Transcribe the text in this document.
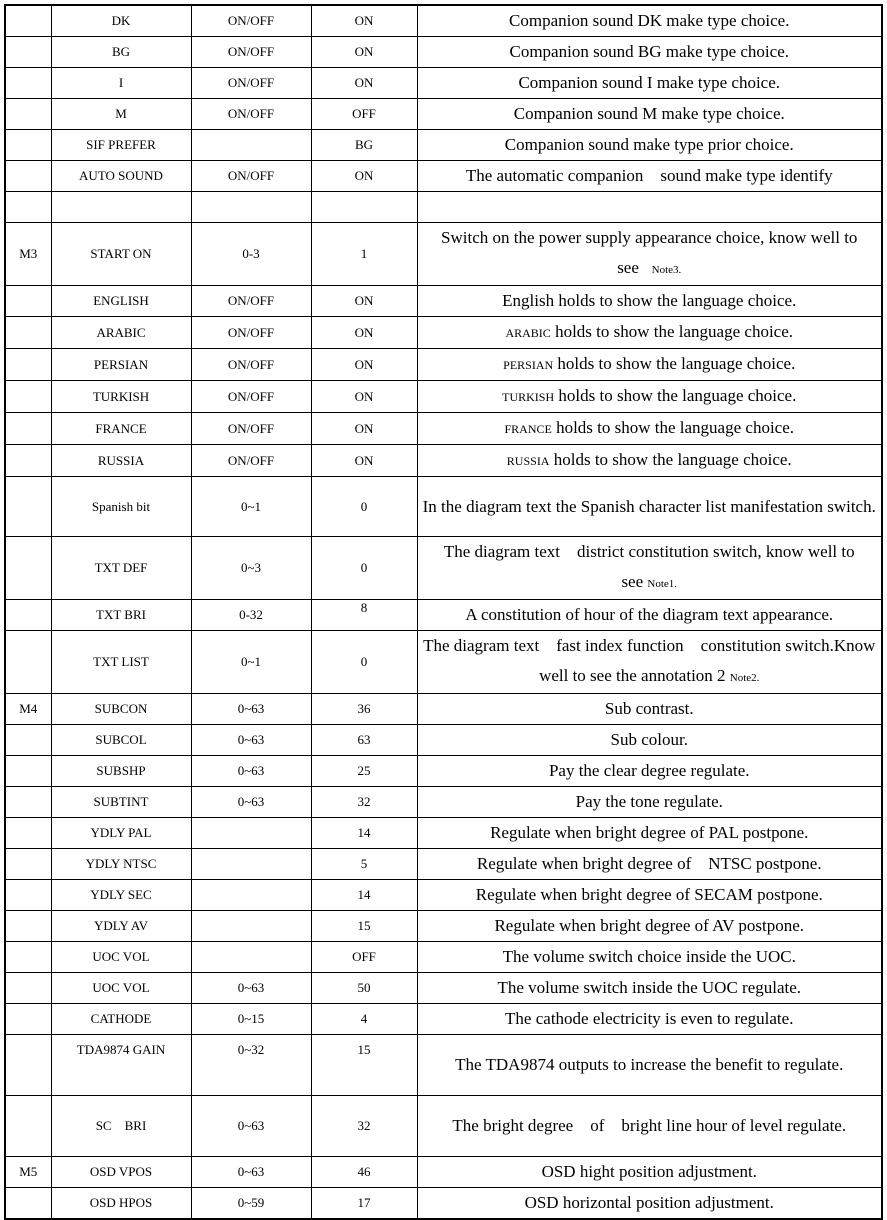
	DK	ON/OFF	ON	Companion sound DK make type choice.
	BG	ON/OFF	ON	Companion sound BG make type choice.
	I	ON/OFF	ON	Companion sound I make type choice.
	M	ON/OFF	OFF	Companion sound M make type choice.
	SIF PREFER		BG	Companion sound make type prior choice.
	AUTO SOUND	ON/OFF	ON	The automatic companion    sound make type identify

M3	START ON	0-3	1	Switch on the power supply appearance choice, know well to see Note3.
	ENGLISH	ON/OFF	ON	English holds to show the language choice.
	ARABIC	ON/OFF	ON	ARABIC holds to show the language choice.
	PERSIAN	ON/OFF	ON	PERSIAN holds to show the language choice.
	TURKISH	ON/OFF	ON	TURKISH holds to show the language choice.
	FRANCE	ON/OFF	ON	FRANCE holds to show the language choice.
	RUSSIA	ON/OFF	ON	RUSSIA holds to show the language choice.
	Spanish bit	0~1	0	In the diagram text the Spanish character list manifestation switch.
	TXT DEF	0~3	0	The diagram text    district constitution switch, know well to see Note1.
	TXT BRI	0-32	8	A constitution of hour of the diagram text appearance.
	TXT LIST	0~1	0	The diagram text    fast index function    constitution switch.Know well to see the annotation 2 Note2.
M4	SUBCON	0~63	36	Sub contrast.
	SUBCOL	0~63	63	Sub colour.
	SUBSHP	0~63	25	Pay the clear degree regulate.
	SUBTINT	0~63	32	Pay the tone regulate.
	YDLY PAL		14	Regulate when bright degree of PAL postpone.
	YDLY NTSC		5	Regulate when bright degree of    NTSC postpone.
	YDLY SEC		14	Regulate when bright degree of SECAM postpone.
	YDLY AV		15	Regulate when bright degree of AV postpone.
	UOC VOL		OFF	The volume switch choice inside the UOC.
	UOC VOL	0~63	50	The volume switch inside the UOC regulate.
	CATHODE	0~15	4	The cathode electricity is even to regulate.
	TDA9874 GAIN	0~32	15	The TDA9874 outputs to increase the benefit to regulate.
	SC    BRI	0~63	32	The bright degree    of    bright line hour of level regulate.
M5	OSD VPOS	0~63	46	OSD hight position adjustment.
	OSD HPOS	0~59	17	OSD horizontal position adjustment.
